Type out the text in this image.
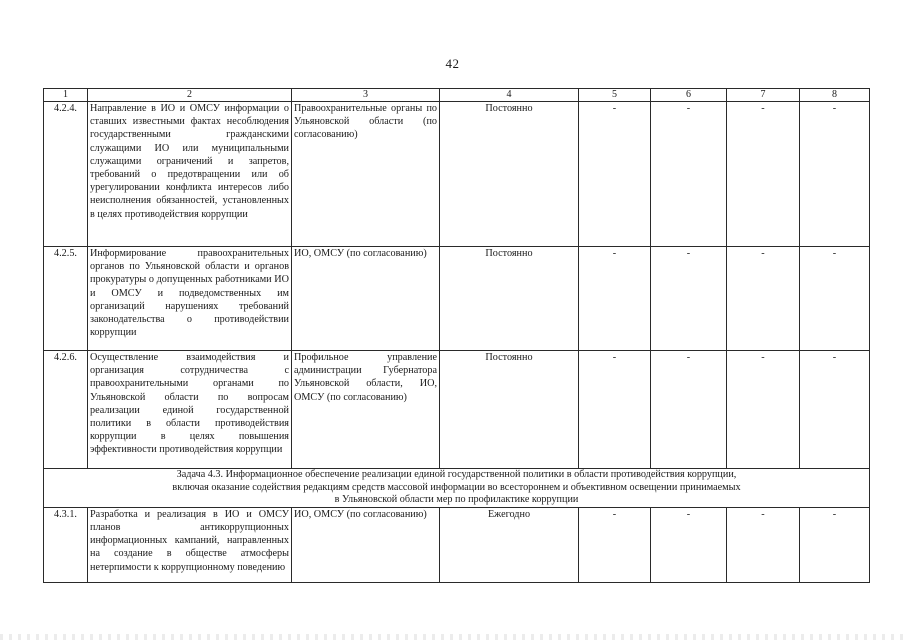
42
1	2	3	4	5	6	7	8
4.2.4.	Направление в ИО и ОМСУ информации о ставших известными фактах несоблюдения государственными гражданскими служащими ИО или муниципальными служащими ограничений и запретов, требований о предотвращении или об урегулировании конфликта интересов либо неисполнения обязанностей, установленных в целях противодействия коррупции	Правоохранительные органы по Ульяновской области (по согласованию)	Постоянно	-	-	-	-
4.2.5.	Информирование правоохранительных органов по Ульяновской области и органов прокуратуры о допущенных работниками ИО и ОМСУ и подведомственных им организаций нарушениях требований законодательства о противодействии коррупции	ИО, ОМСУ (по согласованию)	Постоянно	-	-	-	-
4.2.6.	Осуществление взаимодействия и организация сотрудничества с правоохранительными органами по Ульяновской области по вопросам реализации единой государственной политики в области противодействия коррупции в целях повышения эффективности противодействия коррупции	Профильное управление администрации Губернатора Ульяновской области, ИО, ОМСУ (по согласованию)	Постоянно	-	-	-	-
Задача 4.3. Информационное обеспечение реализации единой государственной политики в области противодействия коррупции,
включая оказание содействия редакциям средств массовой информации во всестороннем и объективном освещении принимаемых
в Ульяновской области мер по профилактике коррупции							
4.3.1.	Разработка и реализация в ИО и ОМСУ планов антикоррупционных информационных кампаний, направленных на создание в обществе атмосферы нетерпимости к коррупционному поведению	ИО, ОМСУ (по согласованию)	Ежегодно	-	-	-	-
